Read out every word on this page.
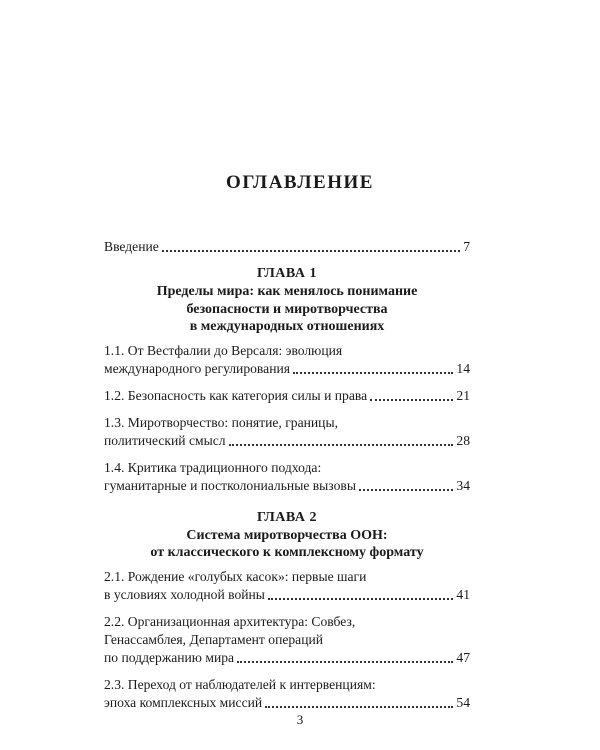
ОГЛАВЛЕНИЕ
Введение	7
ГЛАВА 1
Пределы мира: как менялось понимание
безопасности и миротворчества
в международных отношениях
1.1. От Вестфалии до Версаля: эволюция
международного регулирования	14
1.2. Безопасность как категория силы и права	21
1.3. Миротворчество: понятие, границы,
политический смысл	28
1.4. Критика традиционного подхода:
гуманитарные и постколониальные вызовы	34
ГЛАВА 2
Система миротворчества ООН:
от классического к комплексному формату
2.1. Рождение «голубых касок»: первые шаги
в условиях холодной войны	41
2.2. Организационная архитектура: Совбез,
Генассамблея, Департамент операций
по поддержанию мира	47
2.3. Переход от наблюдателей к интервенциям:
эпоха комплексных миссий	54
3
